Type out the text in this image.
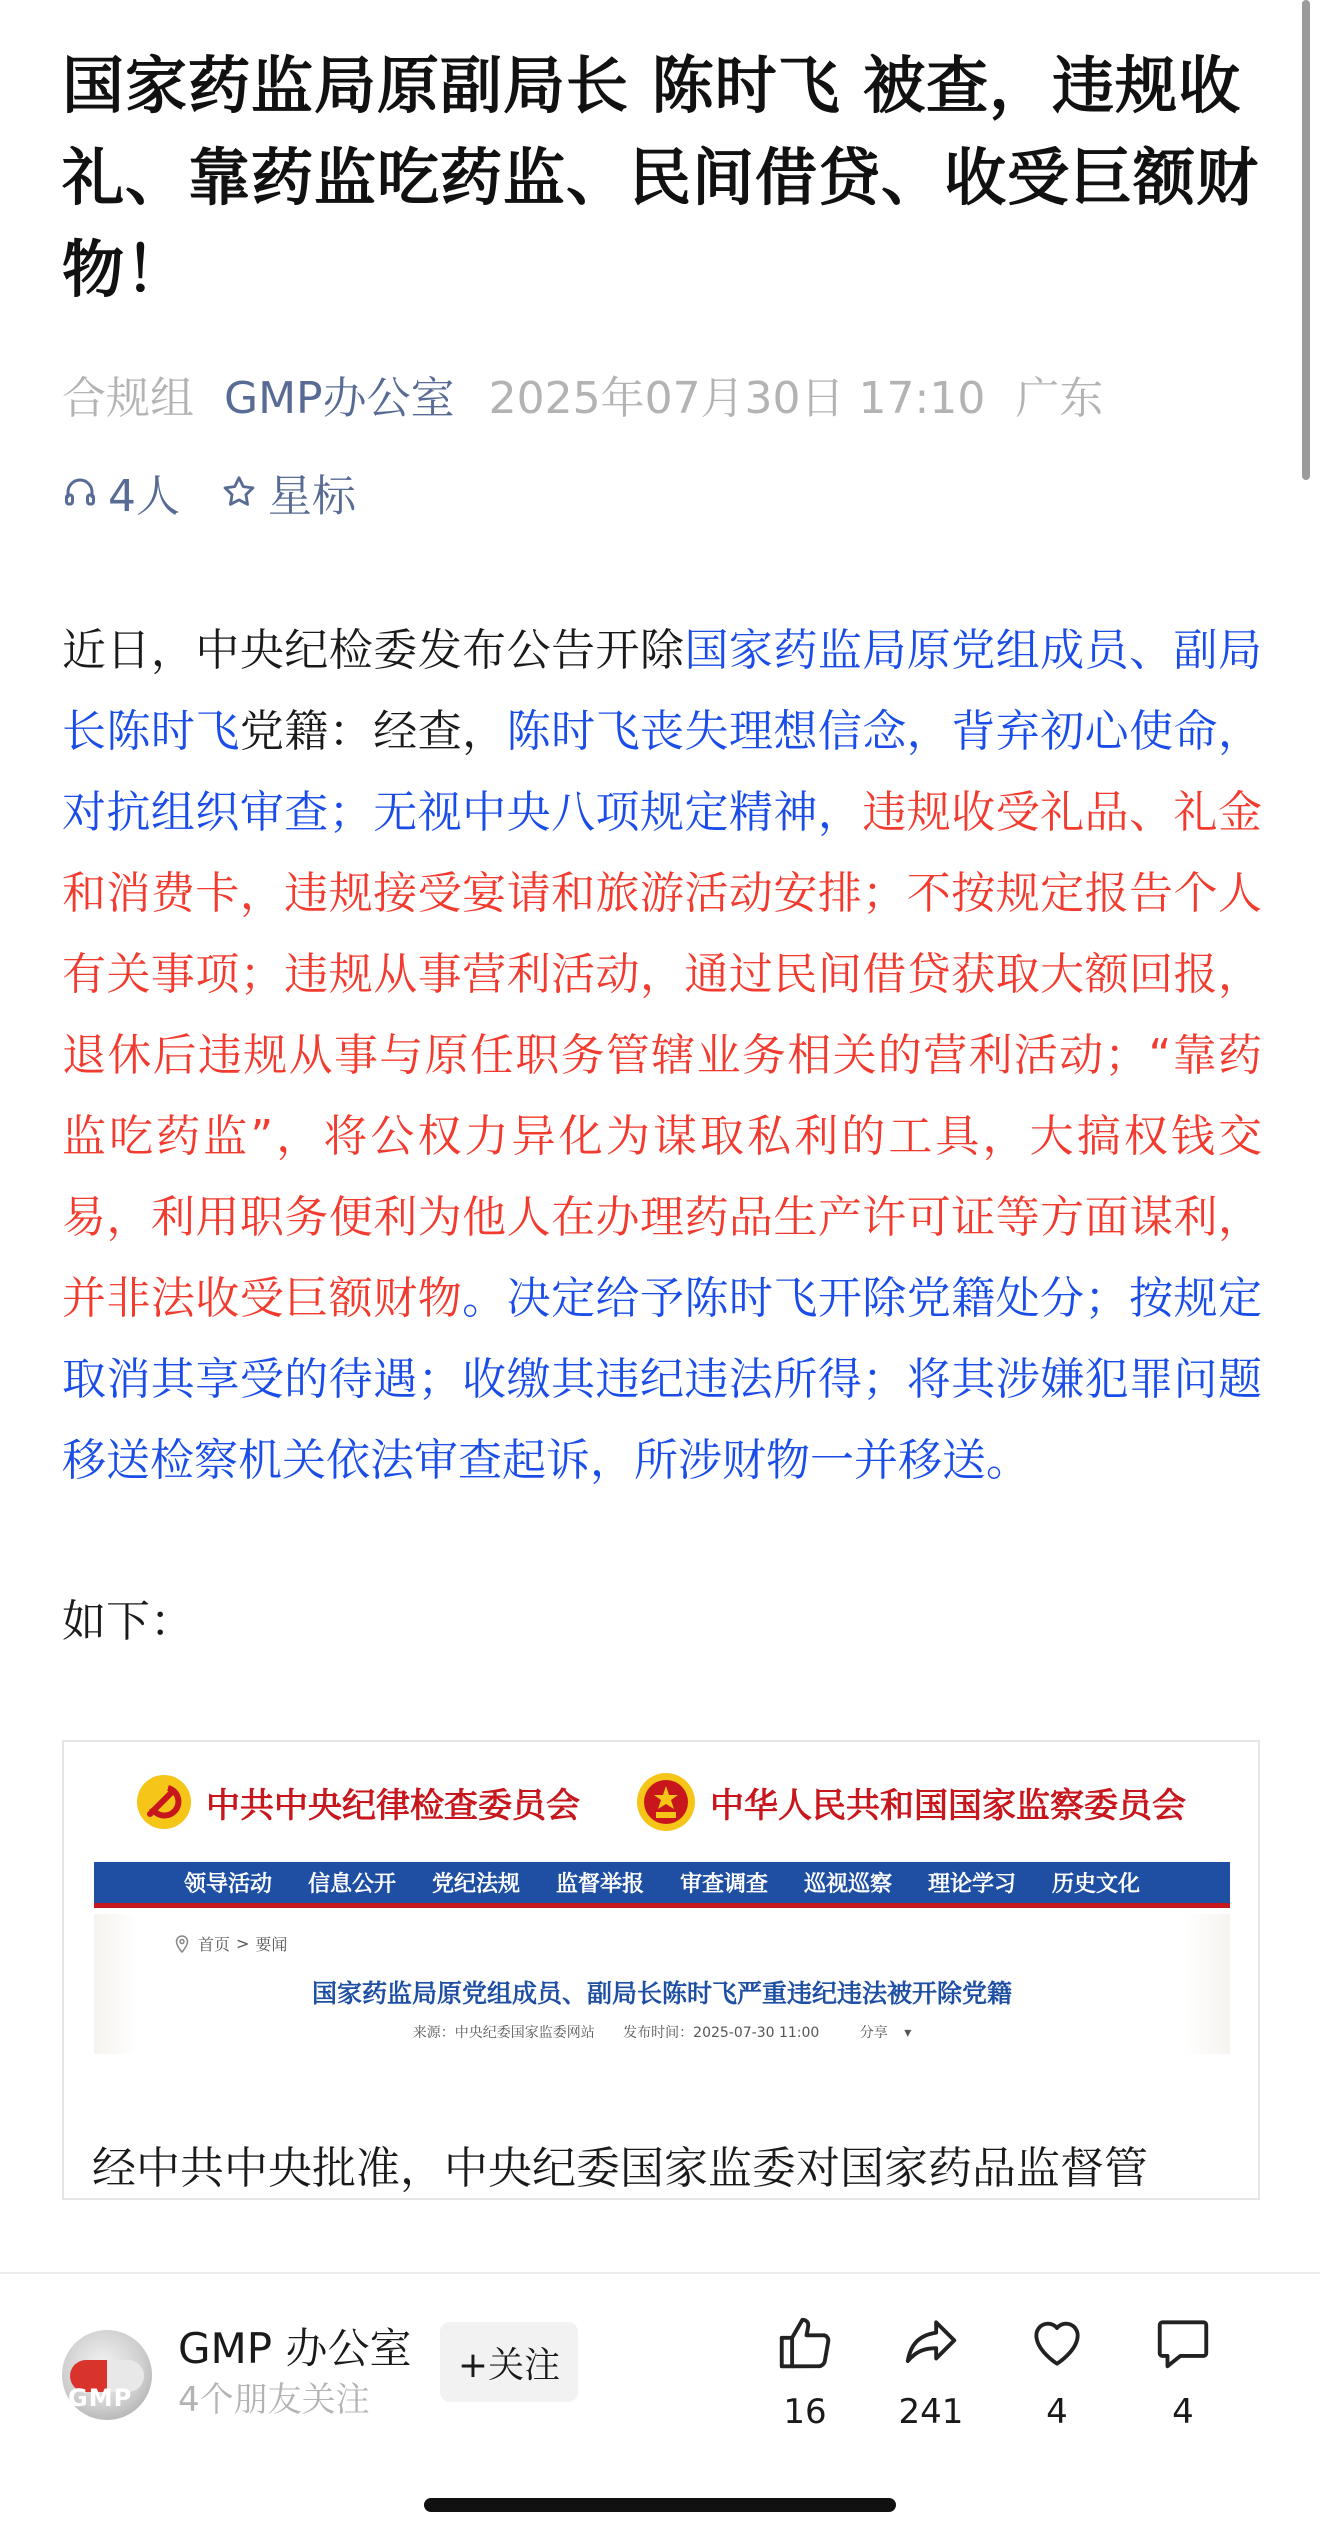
国家药监局原副局长 陈时飞 被查，违规收礼、靠药监吃药监、民间借贷、收受巨额财物！
合规组 GMP办公室 2025年07月30日 17:10 广东
4人 星标

近日，中央纪检委发布公告开除国家药监局原党组成员、副局长陈时飞党籍：经查，陈时飞丧失理想信念，背弃初心使命，对抗组织审查；无视中央八项规定精神，违规收受礼品、礼金和消费卡，违规接受宴请和旅游活动安排；不按规定报告个人有关事项；违规从事营利活动，通过民间借贷获取大额回报，退休后违规从事与原任职务管辖业务相关的营利活动；“靠药监吃药监”，将公权力异化为谋取私利的工具，大搞权钱交易，利用职务便利为他人在办理药品生产许可证等方面谋利，并非法收受巨额财物。决定给予陈时飞开除党籍处分；按规定取消其享受的待遇；收缴其违纪违法所得；将其涉嫌犯罪问题移送检察机关依法审查起诉，所涉财物一并移送。

如下：

中共中央纪律检查委员会	中华人民共和国国家监察委员会
领导活动 信息公开 党纪法规 监督举报 审查调查 巡视巡察 理论学习 历史文化
首页 > 要闻
国家药监局原党组成员、副局长陈时飞严重违纪违法被开除党籍
来源：中央纪委国家监委网站 发布时间：2025-07-30 11:00	分享 ▾
经中共中央批准，中央纪委国家监委对国家药品监督管
GMP
GMP 办公室
4个朋友关注
+关注
16	241	4	4
